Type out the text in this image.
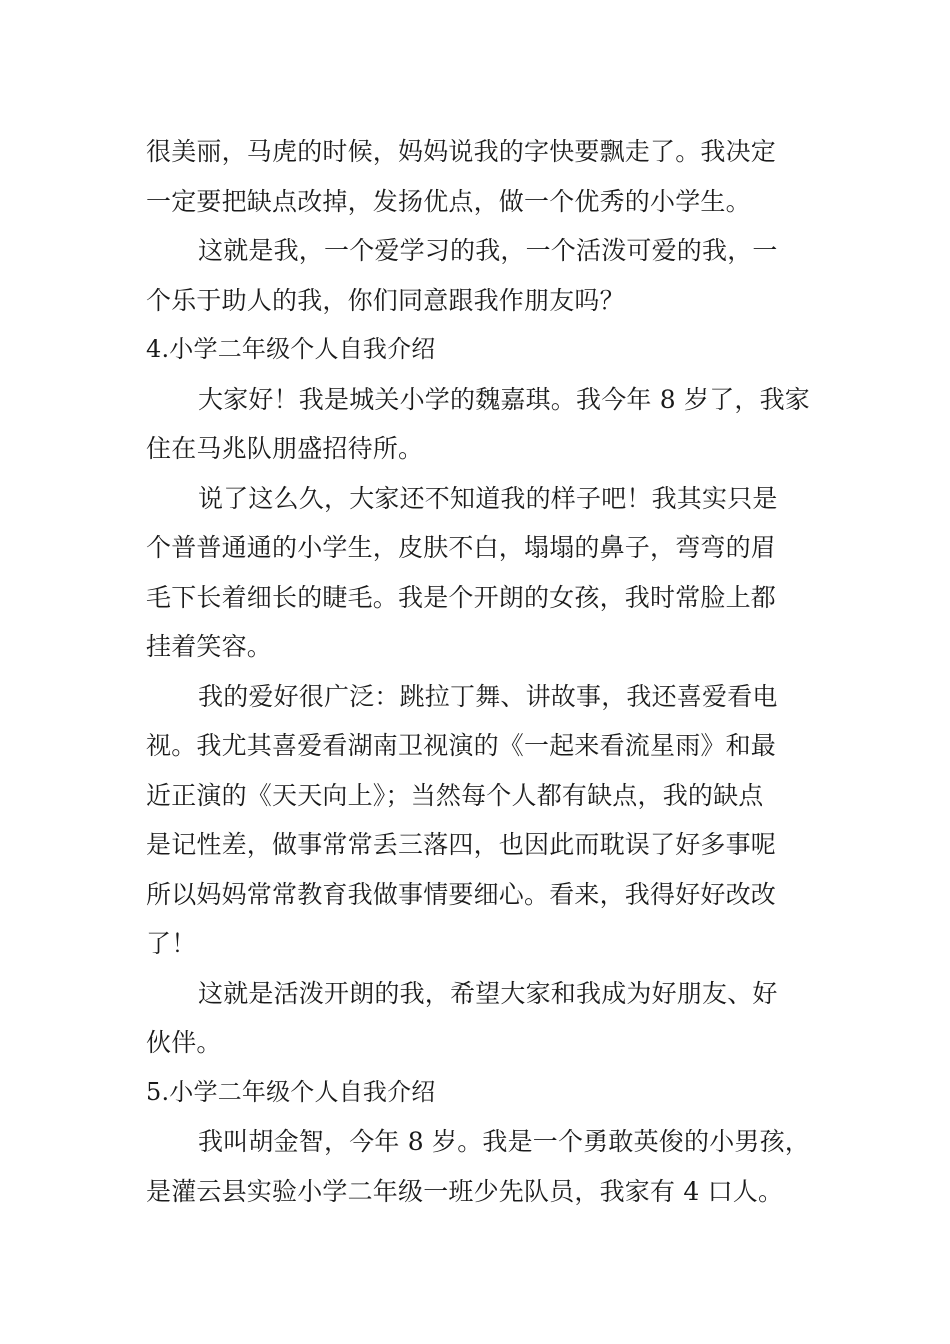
很美丽，马虎的时候，妈妈说我的字快要飘走了。我决定
一定要把缺点改掉，发扬优点，做一个优秀的小学生。
这就是我，一个爱学习的我，一个活泼可爱的我，一
个乐于助人的我，你们同意跟我作朋友吗？
4.小学二年级个人自我介绍
大家好！我是城关小学的魏嘉琪。我今年 8 岁了，我家
住在马兆队朋盛招待所。
说了这么久，大家还不知道我的样子吧！我其实只是
个普普通通的小学生，皮肤不白，塌塌的鼻子，弯弯的眉
毛下长着细长的睫毛。我是个开朗的女孩，我时常脸上都
挂着笑容。
我的爱好很广泛：跳拉丁舞、讲故事，我还喜爱看电
视。我尤其喜爱看湖南卫视演的《一起来看流星雨》和最
近正演的《天天向上》；当然每个人都有缺点，我的缺点
是记性差，做事常常丢三落四，也因此而耽误了好多事呢
所以妈妈常常教育我做事情要细心。看来，我得好好改改
了！
这就是活泼开朗的我，希望大家和我成为好朋友、好
伙伴。
5.小学二年级个人自我介绍
我叫胡金智，今年 8 岁。我是一个勇敢英俊的小男孩，
是灌云县实验小学二年级一班少先队员，我家有 4 口人。
